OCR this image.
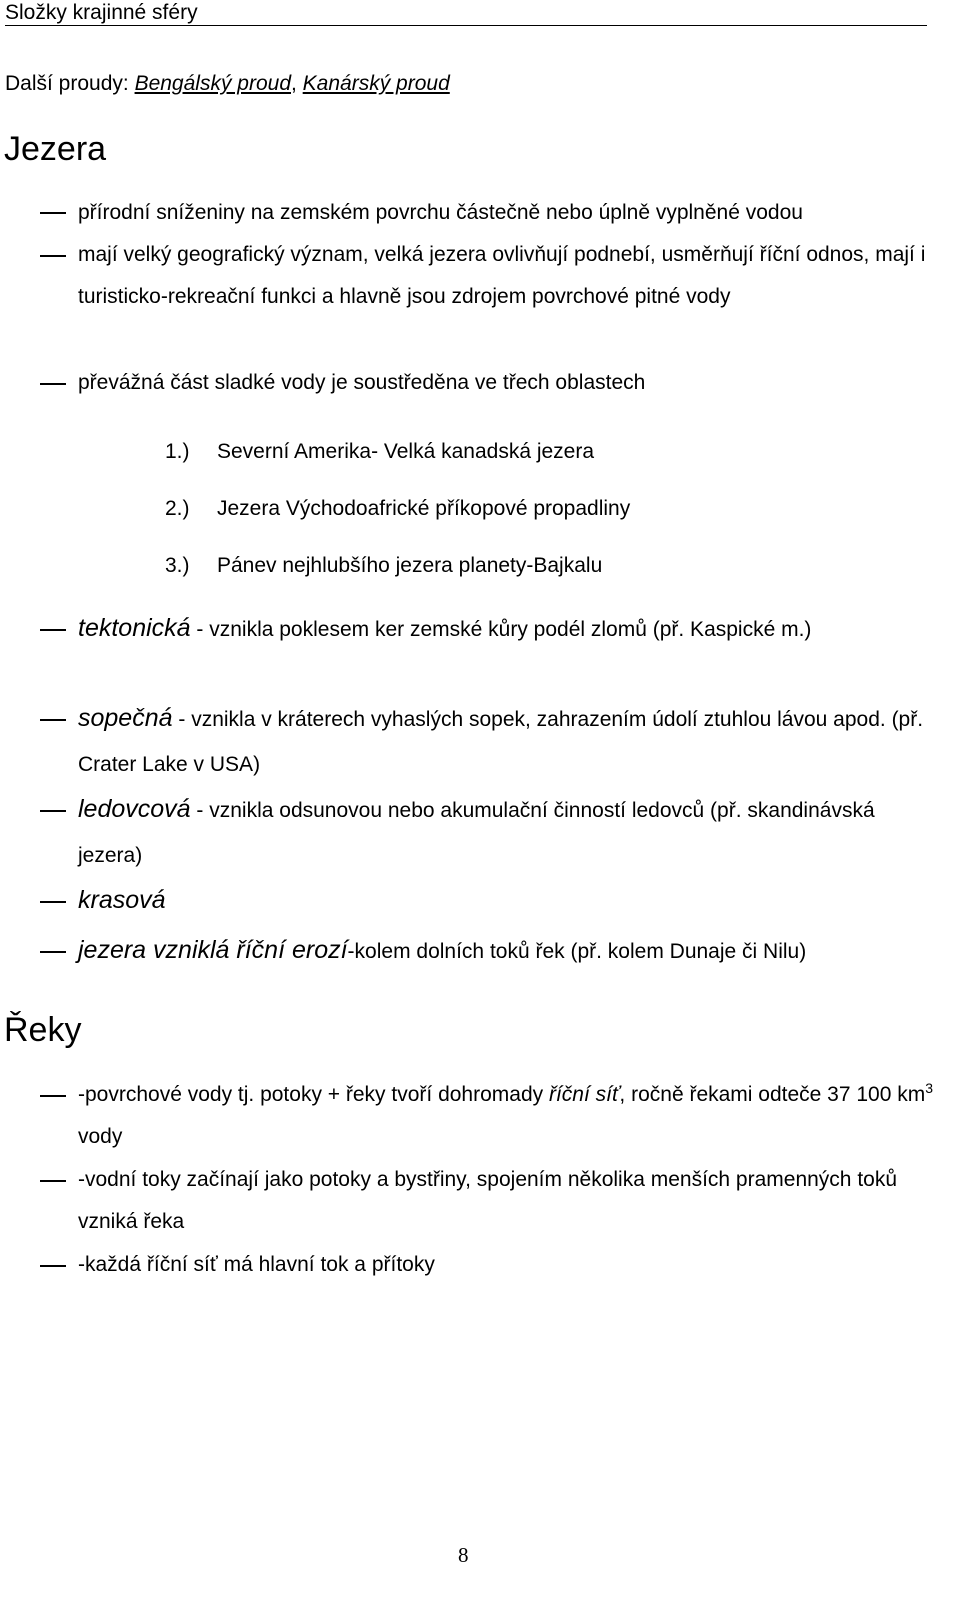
Složky krajinné sféry
Další proudy: Bengálský proud, Kanárský proud
Jezera
přírodní sníženiny na zemském povrchu částečně nebo úplně vyplněné vodou
mají velký geografický význam, velká jezera ovlivňují podnebí, usměrňují říční odnos, mají i turisticko-rekreační funkci a hlavně jsou zdrojem povrchové pitné vody
převážná část sladké vody je soustředěna ve třech oblastech
1.) Severní Amerika- Velká kanadská jezera
2.) Jezera Východoafrické příkopové propadliny
3.) Pánev nejhlubšího jezera planety-Bajkalu
tektonická - vznikla poklesem ker zemské kůry podél zlomů (př. Kaspické m.)
sopečná - vznikla v kráterech vyhaslých sopek, zahrazením údolí ztuhlou lávou apod. (př. Crater Lake v USA)
ledovcová - vznikla odsunovou nebo akumulační činností ledovců (př. skandinávská jezera)
krasová
jezera vzniklá říční erozí-kolem dolních toků řek (př. kolem Dunaje či Nilu)
Řeky
-povrchové vody tj. potoky + řeky tvoří dohromady říční síť, ročně řekami odteče 37 100 $km^3$ vody
-vodní toky začínají jako potoky a bystřiny, spojením několika menších pramenných toků vzniká řeka
-každá říční síť má hlavní tok a přítoky
8
